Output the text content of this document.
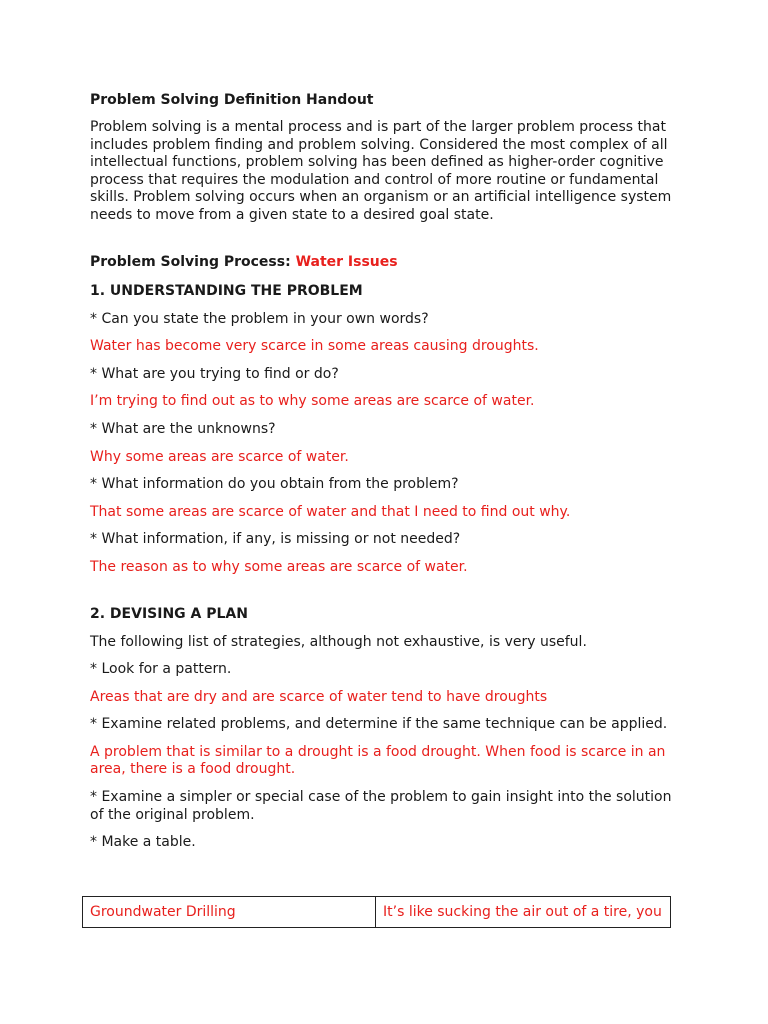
Problem Solving Definition Handout

Problem solving is a mental process and is part of the larger problem process that includes problem finding and problem solving. Considered the most complex of all intellectual functions, problem solving has been defined as higher-order cognitive process that requires the modulation and control of more routine or fundamental skills. Problem solving occurs when an organism or an artificial intelligence system needs to move from a given state to a desired goal state.

Problem Solving Process: Water Issues

1. UNDERSTANDING THE PROBLEM

* Can you state the problem in your own words?

Water has become very scarce in some areas causing droughts.

* What are you trying to find or do?

I’m trying to find out as to why some areas are scarce of water.

* What are the unknowns?

Why some areas are scarce of water.

* What information do you obtain from the problem?

That some areas are scarce of water and that I need to find out why.

* What information, if any, is missing or not needed?

The reason as to why some areas are scarce of water.

2. DEVISING A PLAN

The following list of strategies, although not exhaustive, is very useful.

* Look for a pattern.

Areas that are dry and are scarce of water tend to have droughts

* Examine related problems, and determine if the same technique can be applied.

A problem that is similar to a drought is a food drought. When food is scarce in an area, there is a food drought.

* Examine a simpler or special case of the problem to gain insight into the solution of the original problem.

* Make a table.

Groundwater Drilling	It’s like sucking the air out of a tire, you
